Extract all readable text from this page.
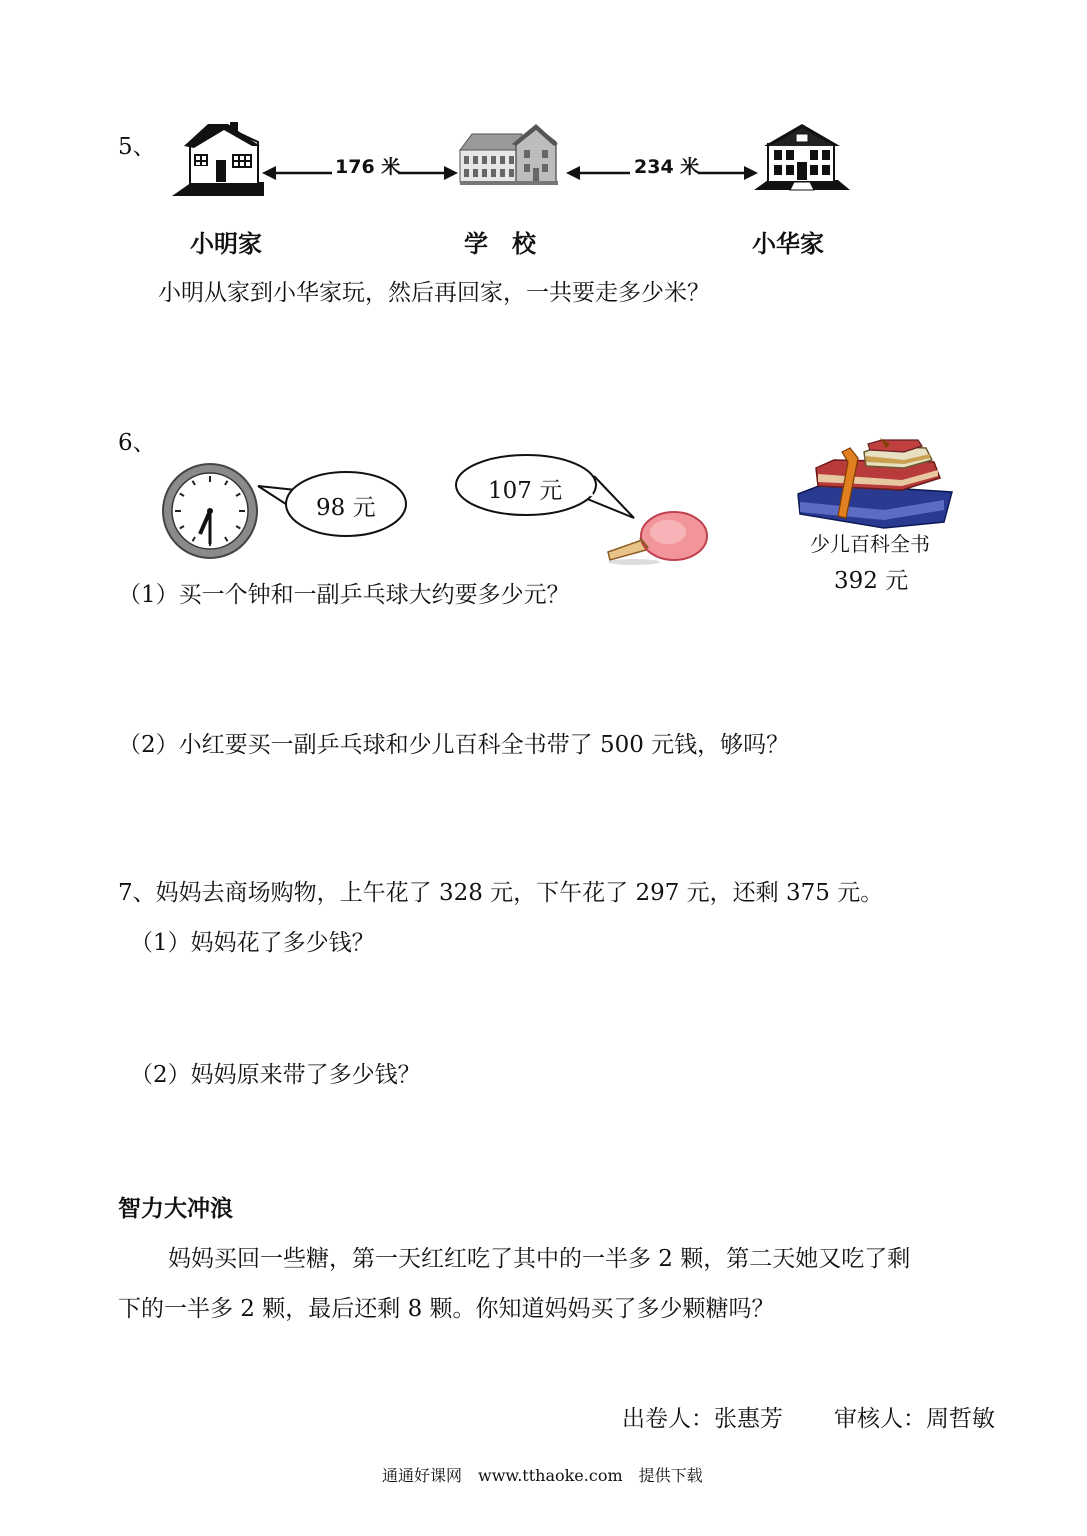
5、
176 米	234 米
小明家	学　校	小华家
小明从家到小华家玩，然后再回家，一共要走多少米？
6、
98 元
107 元
少儿百科全书
392 元
（1）买一个钟和一副乒乓球大约要多少元？
（2）小红要买一副乒乓球和少儿百科全书带了 500 元钱，够吗？
7、妈妈去商场购物，上午花了 328 元，下午花了 297 元，还剩 375 元。
（1）妈妈花了多少钱？
（2）妈妈原来带了多少钱？
智力大冲浪
妈妈买回一些糖，第一天红红吃了其中的一半多 2 颗，第二天她又吃了剩
下的一半多 2 颗，最后还剩 8 颗。你知道妈妈买了多少颗糖吗？
出卷人：张惠芳 审核人：周哲敏
通通好课网　www.tthaoke.com　提供下载
